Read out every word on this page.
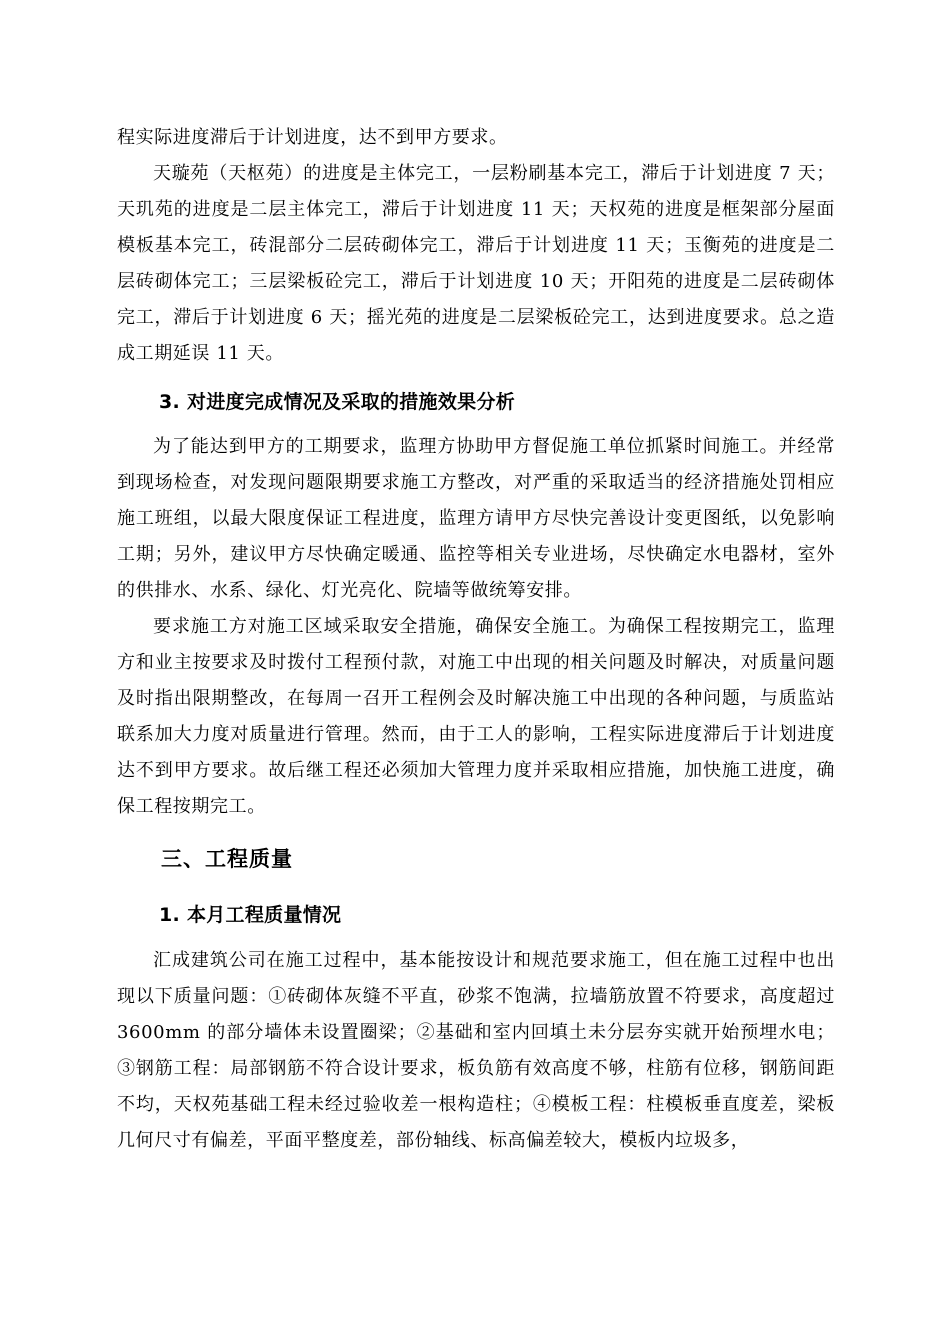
程实际进度滞后于计划进度，达不到甲方要求。

天璇苑（天枢苑）的进度是主体完工，一层粉刷基本完工，滞后于计划进度 7 天；天玑苑的进度是二层主体完工，滞后于计划进度 11 天；天权苑的进度是框架部分屋面模板基本完工，砖混部分二层砖砌体完工，滞后于计划进度 11 天；玉衡苑的进度是二层砖砌体完工；三层梁板砼完工，滞后于计划进度 10 天；开阳苑的进度是二层砖砌体完工，滞后于计划进度 6 天；摇光苑的进度是二层梁板砼完工，达到进度要求。总之造成工期延误 11 天。

3. 对进度完成情况及采取的措施效果分析

为了能达到甲方的工期要求，监理方协助甲方督促施工单位抓紧时间施工。并经常到现场检查，对发现问题限期要求施工方整改，对严重的采取适当的经济措施处罚相应施工班组，以最大限度保证工程进度，监理方请甲方尽快完善设计变更图纸，以免影响工期；另外，建议甲方尽快确定暖通、监控等相关专业进场，尽快确定水电器材，室外的供排水、水系、绿化、灯光亮化、院墙等做统筹安排。

要求施工方对施工区域采取安全措施，确保安全施工。为确保工程按期完工，监理方和业主按要求及时拨付工程预付款，对施工中出现的相关问题及时解决，对质量问题及时指出限期整改，在每周一召开工程例会及时解决施工中出现的各种问题，与质监站联系加大力度对质量进行管理。然而，由于工人的影响，工程实际进度滞后于计划进度达不到甲方要求。故后继工程还必须加大管理力度并采取相应措施，加快施工进度，确保工程按期完工。

三、工程质量
1. 本月工程质量情况

汇成建筑公司在施工过程中，基本能按设计和规范要求施工，但在施工过程中也出现以下质量问题：①砖砌体灰缝不平直，砂浆不饱满，拉墙筋放置不符要求，高度超过 3600mm 的部分墙体未设置圈梁；②基础和室内回填土未分层夯实就开始预埋水电；③钢筋工程：局部钢筋不符合设计要求，板负筋有效高度不够，柱筋有位移，钢筋间距不均，天权苑基础工程未经过验收差一根构造柱；④模板工程：柱模板垂直度差，梁板几何尺寸有偏差，平面平整度差，部份轴线、标高偏差较大，模板内垃圾多，
